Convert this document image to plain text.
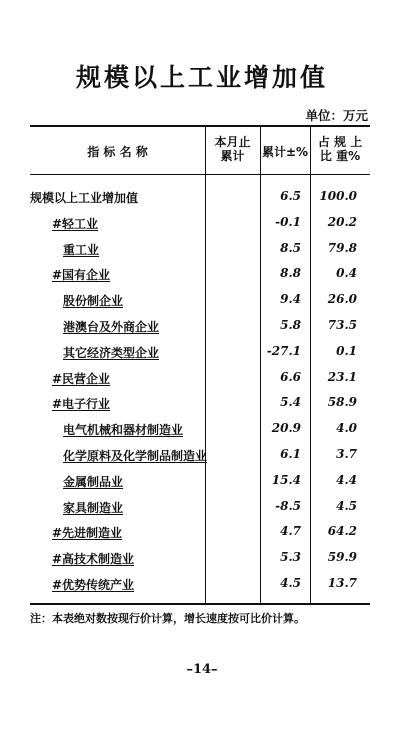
规模以上工业增加值
单位：万元
指 标 名 称
本月止
累计	累计±%
占 规 上
比 重%
规模以上工业增加值	6.5 100.0
#轻工业	-0.1	20.2
重工业	8.5	79.8
#国有企业	8.8	0.4
股份制企业	9.4	26.0
港澳台及外商企业	5.8	73.5
其它经济类型企业	-27.1	0.1
#民营企业	6.6	23.1
#电子行业	5.4	58.9
电气机械和器材制造业	20.9	4.0
化学原料及化学制品制造业	6.1	3.7
金属制品业	15.4	4.4
家具制造业	-8.5	4.5
#先进制造业	4.7	64.2
#高技术制造业	5.3	59.9
#优势传统产业	4.5	13.7
注：本表绝对数按现行价计算，增长速度按可比价计算。
–14–
